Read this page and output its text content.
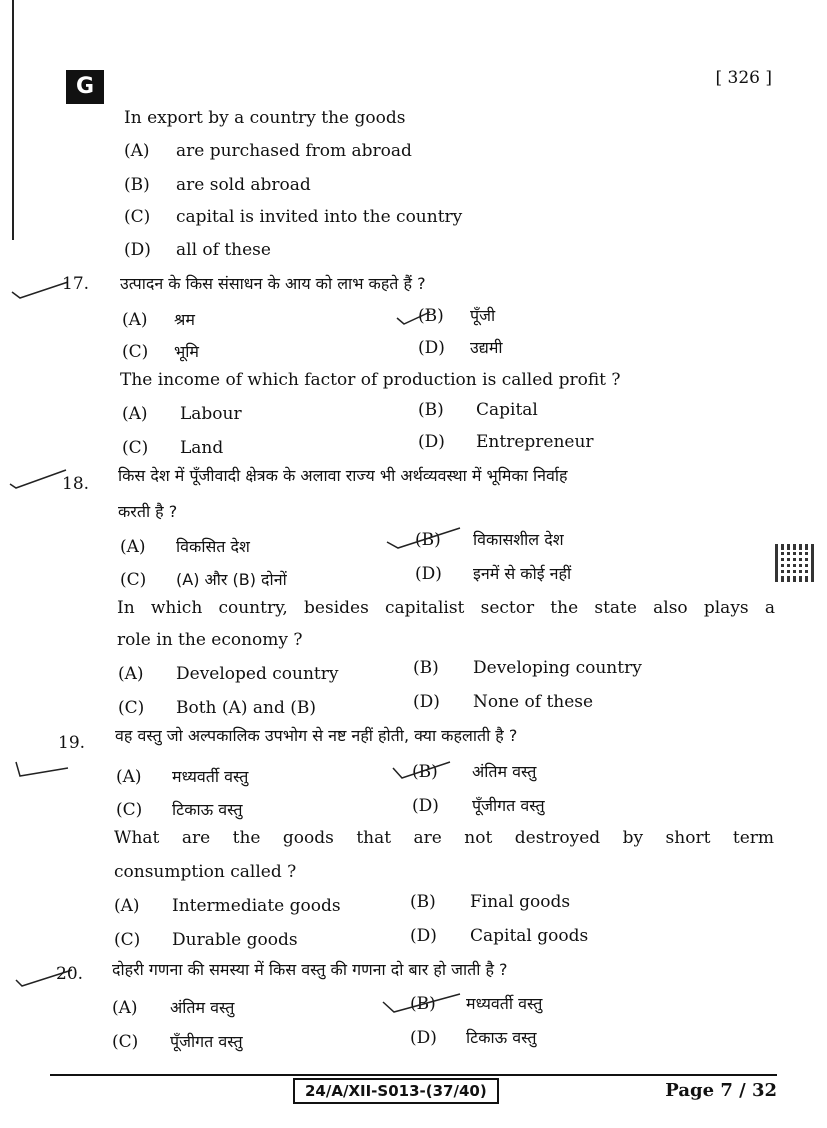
G	[ 326 ]
In export by a country the goods
(A) are purchased from abroad
(B) are sold abroad
(C) capital is invited into the country
(D) all of these
17. उत्पादन के किस संसाधन के आय को लाभ कहते हैं ?
(A) श्रम	(B) पूँजी
(C) भूमि	(D) उद्यमी
The income of which factor of production is called profit ?
(A) Labour	(B) Capital
(C) Land	(D) Entrepreneur
18. किस देश में पूँजीवादी क्षेत्रक के अलावा राज्य भी अर्थव्यवस्था में भूमिका निर्वाह
करती है ?
(A) विकसित देश	(B) विकासशील देश
(C) (A) और (B) दोनों	(D) इनमें से कोई नहीं
In which country, besides capitalist sector the state also plays a
role in the economy ?
(A) Developed country	(B) Developing country
(C) Both (A) and (B)	(D) None of these
19. वह वस्तु जो अल्पकालिक उपभोग से नष्ट नहीं होती, क्या कहलाती है ?
(A) मध्यवर्ती वस्तु	(B) अंतिम वस्तु
(C) टिकाऊ वस्तु	(D) पूँजीगत वस्तु
What are the goods that are not destroyed by short term
consumption called ?
(A) Intermediate goods	(B) Final goods
(C) Durable goods	(D) Capital goods
20. दोहरी गणना की समस्या में किस वस्तु की गणना दो बार हो जाती है ?
(A) अंतिम वस्तु	(B) मध्यवर्ती वस्तु
(C) पूँजीगत वस्तु	(D) टिकाऊ वस्तु
24/A/XII-S013-(37/40)	Page 7 / 32
